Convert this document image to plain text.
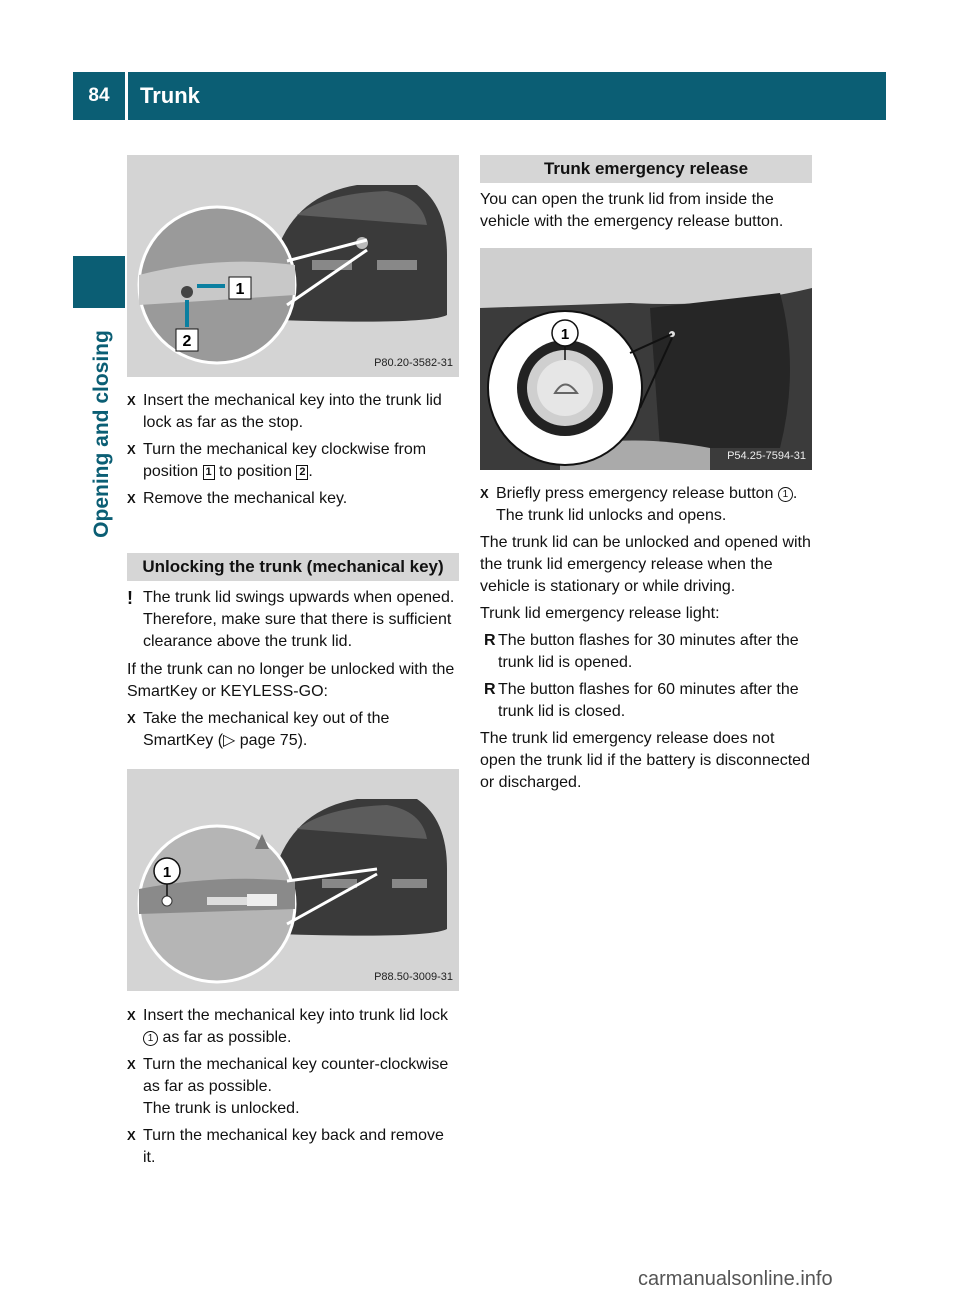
84	Trunk
Opening and closing
1
2
P80.20-3582-31

X Insert the mechanical key into the trunk lid lock as far as the stop.

X Turn the mechanical key clockwise from position 1 to position 2 .

X Remove the mechanical key.

Unlocking the trunk (mechanical key)

! The trunk lid swings upwards when opened. Therefore, make sure that there is sufficient clearance above the trunk lid.

If the trunk can no longer be unlocked with the SmartKey or KEYLESS-GO:

X Take the mechanical key out of the SmartKey (▷ page 75).

1
P88.50-3009-31

X Insert the mechanical key into trunk lid lock 1 as far as possible.

X Turn the mechanical key counter-clockwise as far as possible.
The trunk is unlocked.

X Turn the mechanical key back and remove it.

Trunk emergency release

You can open the trunk lid from inside the vehicle with the emergency release button.

1
P54.25-7594-31

X Briefly press emergency release button 1 .
The trunk lid unlocks and opens.

The trunk lid can be unlocked and opened with the trunk lid emergency release when the vehicle is stationary or while driving.

Trunk lid emergency release light:

R The button flashes for 30 minutes after the trunk lid is opened.

R The button flashes for 60 minutes after the trunk lid is closed.

The trunk lid emergency release does not open the trunk lid if the battery is disconnected or discharged.

carmanualsonline.info
